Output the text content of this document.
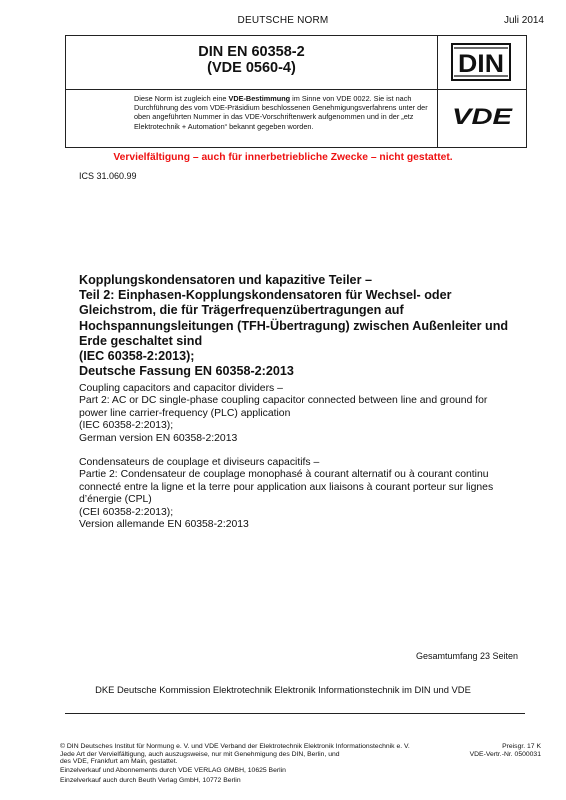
DEUTSCHE NORM	Juli 2014
DIN EN 60358-2
(VDE 0560-4)
Diese Norm ist zugleich eine VDE-Bestimmung im Sinne von VDE 0022. Sie ist nach Durchführung des vom VDE-Präsidium beschlossenen Genehmigungsverfahrens unter der oben angeführten Nummer in das VDE-Vorschriftenwerk aufgenommen und in der „etz Elektrotechnik + Automation“ bekannt gegeben worden.
DIN
VDE
Vervielfältigung – auch für innerbetriebliche Zwecke – nicht gestattet.
ICS 31.060.99
Kopplungskondensatoren und kapazitive Teiler –
Teil 2: Einphasen-Kopplungskondensatoren für Wechsel- oder
Gleichstrom, die für Trägerfrequenzübertragungen auf
Hochspannungsleitungen (TFH-Übertragung) zwischen Außenleiter und
Erde geschaltet sind
(IEC 60358-2:2013);
Deutsche Fassung EN 60358-2:2013
Coupling capacitors and capacitor dividers –
Part 2: AC or DC single-phase coupling capacitor connected between line and ground for
power line carrier-frequency (PLC) application
(IEC 60358-2:2013);
German version EN 60358-2:2013
Condensateurs de couplage et diviseurs capacitifs –
Partie 2: Condensateur de couplage monophasé à courant alternatif ou à courant continu
connecté entre la ligne et la terre pour application aux liaisons à courant porteur sur lignes
d’énergie (CPL)
(CEI 60358-2:2013);
Version allemande EN 60358-2:2013
Gesamtumfang 23 Seiten
DKE Deutsche Kommission Elektrotechnik Elektronik Informationstechnik im DIN und VDE
© DIN Deutsches Institut für Normung e. V. und VDE Verband der Elektrotechnik Elektronik Informationstechnik e. V.
Jede Art der Vervielfältigung, auch auszugsweise, nur mit Genehmigung des DIN, Berlin, und
des VDE, Frankfurt am Main, gestattet.
Preisgr. 17 K
VDE-Vertr.-Nr. 0500031
Einzelverkauf und Abonnements durch VDE VERLAG GMBH, 10625 Berlin
Einzelverkauf auch durch Beuth Verlag GmbH, 10772 Berlin
